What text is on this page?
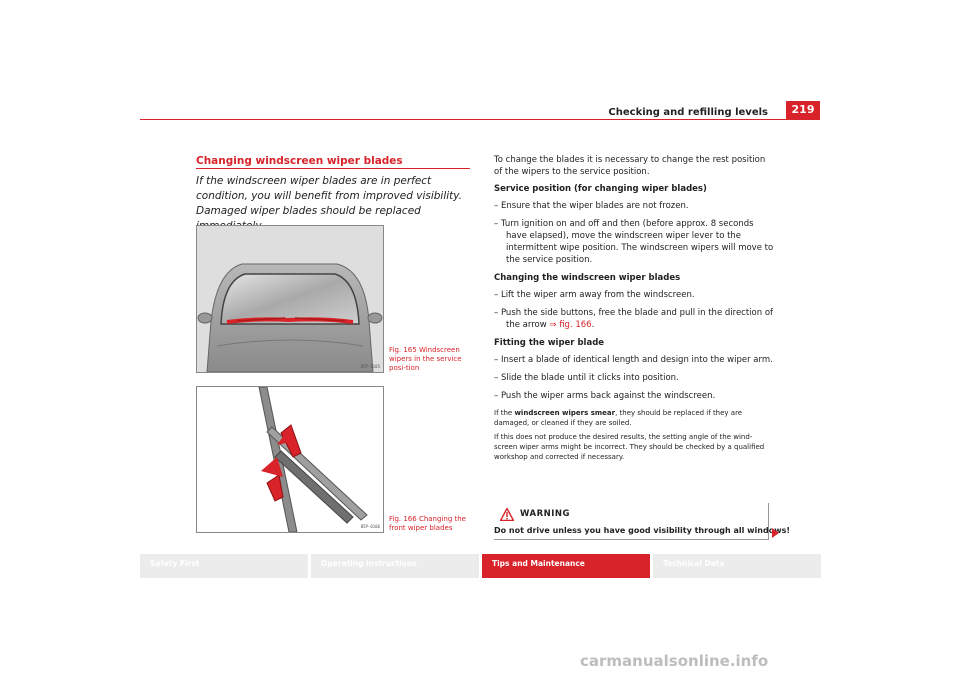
Checking and refilling levels	219
Changing windscreen wiper blades
If the windscreen wiper blades are in perfect condition, you will benefit from improved visibility. Damaged wiper blades should be replaced
B5P-0105
Fig. 165 Windscreen wipers in the service posi-tion
B5P-0106
Fig. 166 Changing the front wiper blades

To change the blades it is necessary to change the rest position of the wipers to the service position.

Service position (for changing wiper blades)

– Ensure that the wiper blades are not frozen.

– Turn ignition on and off and then (before approx. 8 seconds have elapsed), move the windscreen wiper lever to the intermittent wipe position. The windscreen wipers will move to the service position.

Changing the windscreen wiper blades

– Lift the wiper arm away from the windscreen.

– Push the side buttons, free the blade and pull in the direction of the arrow ⇒ fig. 166.

Fitting the wiper blade

– Insert a blade of identical length and design into the wiper arm.

– Slide the blade until it clicks into position.

– Push the wiper arms back against the windscreen.

If the windscreen wipers smear, they should be replaced if they are damaged, or cleaned if they are soiled.

If this does not produce the desired results, the setting angle of the wind-screen wiper arms might be incorrect. They should be checked by a qualified workshop and corrected if necessary.

WARNING
Do not drive unless you have good visibility through all windows!
Safety First	Operating instructions	Tips and Maintenance	Technical Data
carmanualsonline.info
